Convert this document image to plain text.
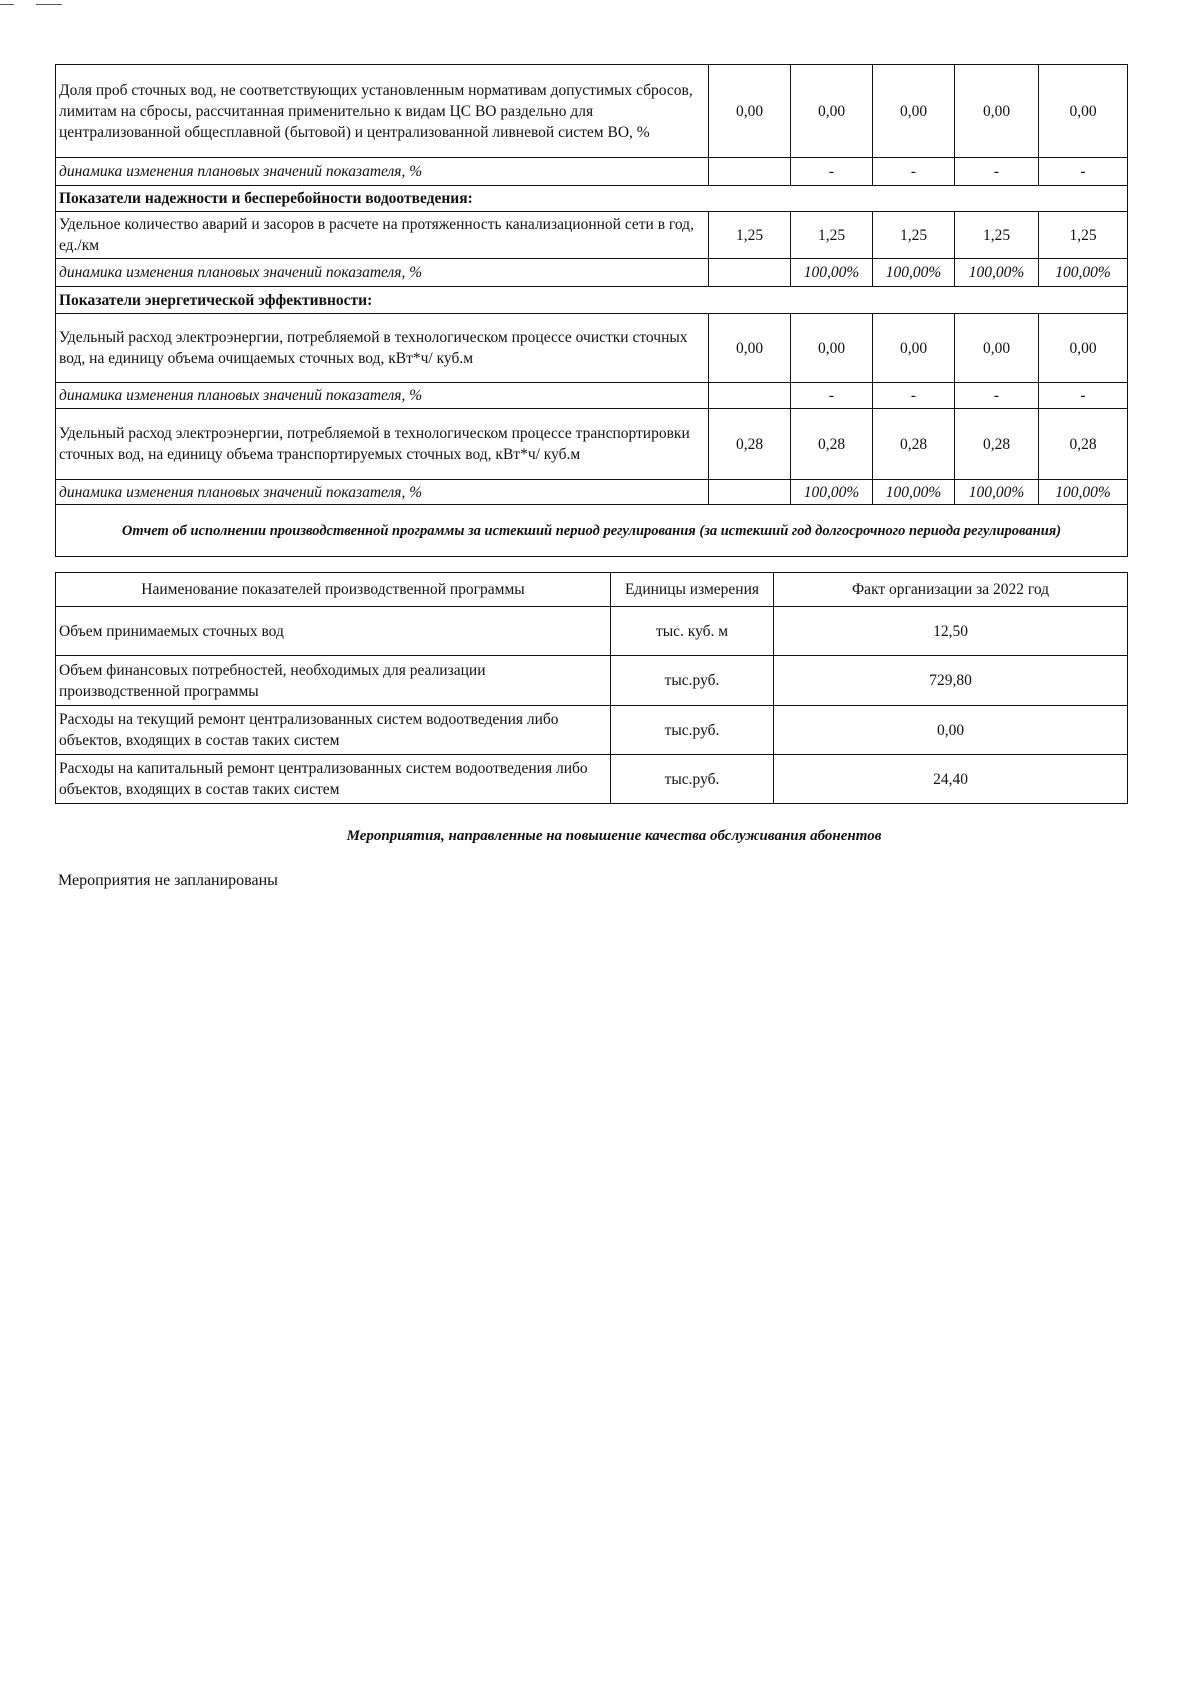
Доля проб сточных вод, не соответствующих установленным нормативам допустимых сбросов, лимитам на сбросы, рассчитанная применительно к видам ЦС ВО раздельно для централизованной общесплавной (бытовой) и централизованной ливневой систем ВО, %	0,00	0,00	0,00	0,00	0,00
динамика изменения плановых значений показателя, %		-	-	-	-
Показатели надежности и бесперебойности водоотведения:					
Удельное количество аварий и засоров в расчете на протяженность канализационной сети в год, ед./км	1,25	1,25	1,25	1,25	1,25
динамика изменения плановых значений показателя, %		100,00%	100,00%	100,00%	100,00%
Показатели энергетической эффективности:					
Удельный расход электроэнергии, потребляемой в технологическом процессе очистки сточных вод, на единицу объема очищаемых сточных вод, кВт*ч/ куб.м	0,00	0,00	0,00	0,00	0,00
динамика изменения плановых значений показателя, %		-	-	-	-
Удельный расход электроэнергии, потребляемой в технологическом процессе транспортировки сточных вод, на единицу объема транспортируемых сточных вод, кВт*ч/ куб.м	0,28	0,28	0,28	0,28	0,28
динамика изменения плановых значений показателя, %		100,00%	100,00%	100,00%	100,00%
Отчет об исполнении производственной программы за истекший период регулирования (за истекший год долгосрочного периода регулирования)					
Наименование показателей производственной программы	Единицы измерения	Факт организации за 2022 год
Объем принимаемых сточных вод	тыс. куб. м	12,50
Объем финансовых потребностей, необходимых для реализации производственной программы	тыс.руб.	729,80
Расходы на текущий ремонт централизованных систем водоотведения либо объектов, входящих в состав таких систем	тыс.руб.	0,00
Расходы на капитальный ремонт централизованных систем водоотведения либо объектов, входящих в состав таких систем	тыс.руб.	24,40
Мероприятия, направленные на повышение качества обслуживания абонентов
Мероприятия не запланированы
